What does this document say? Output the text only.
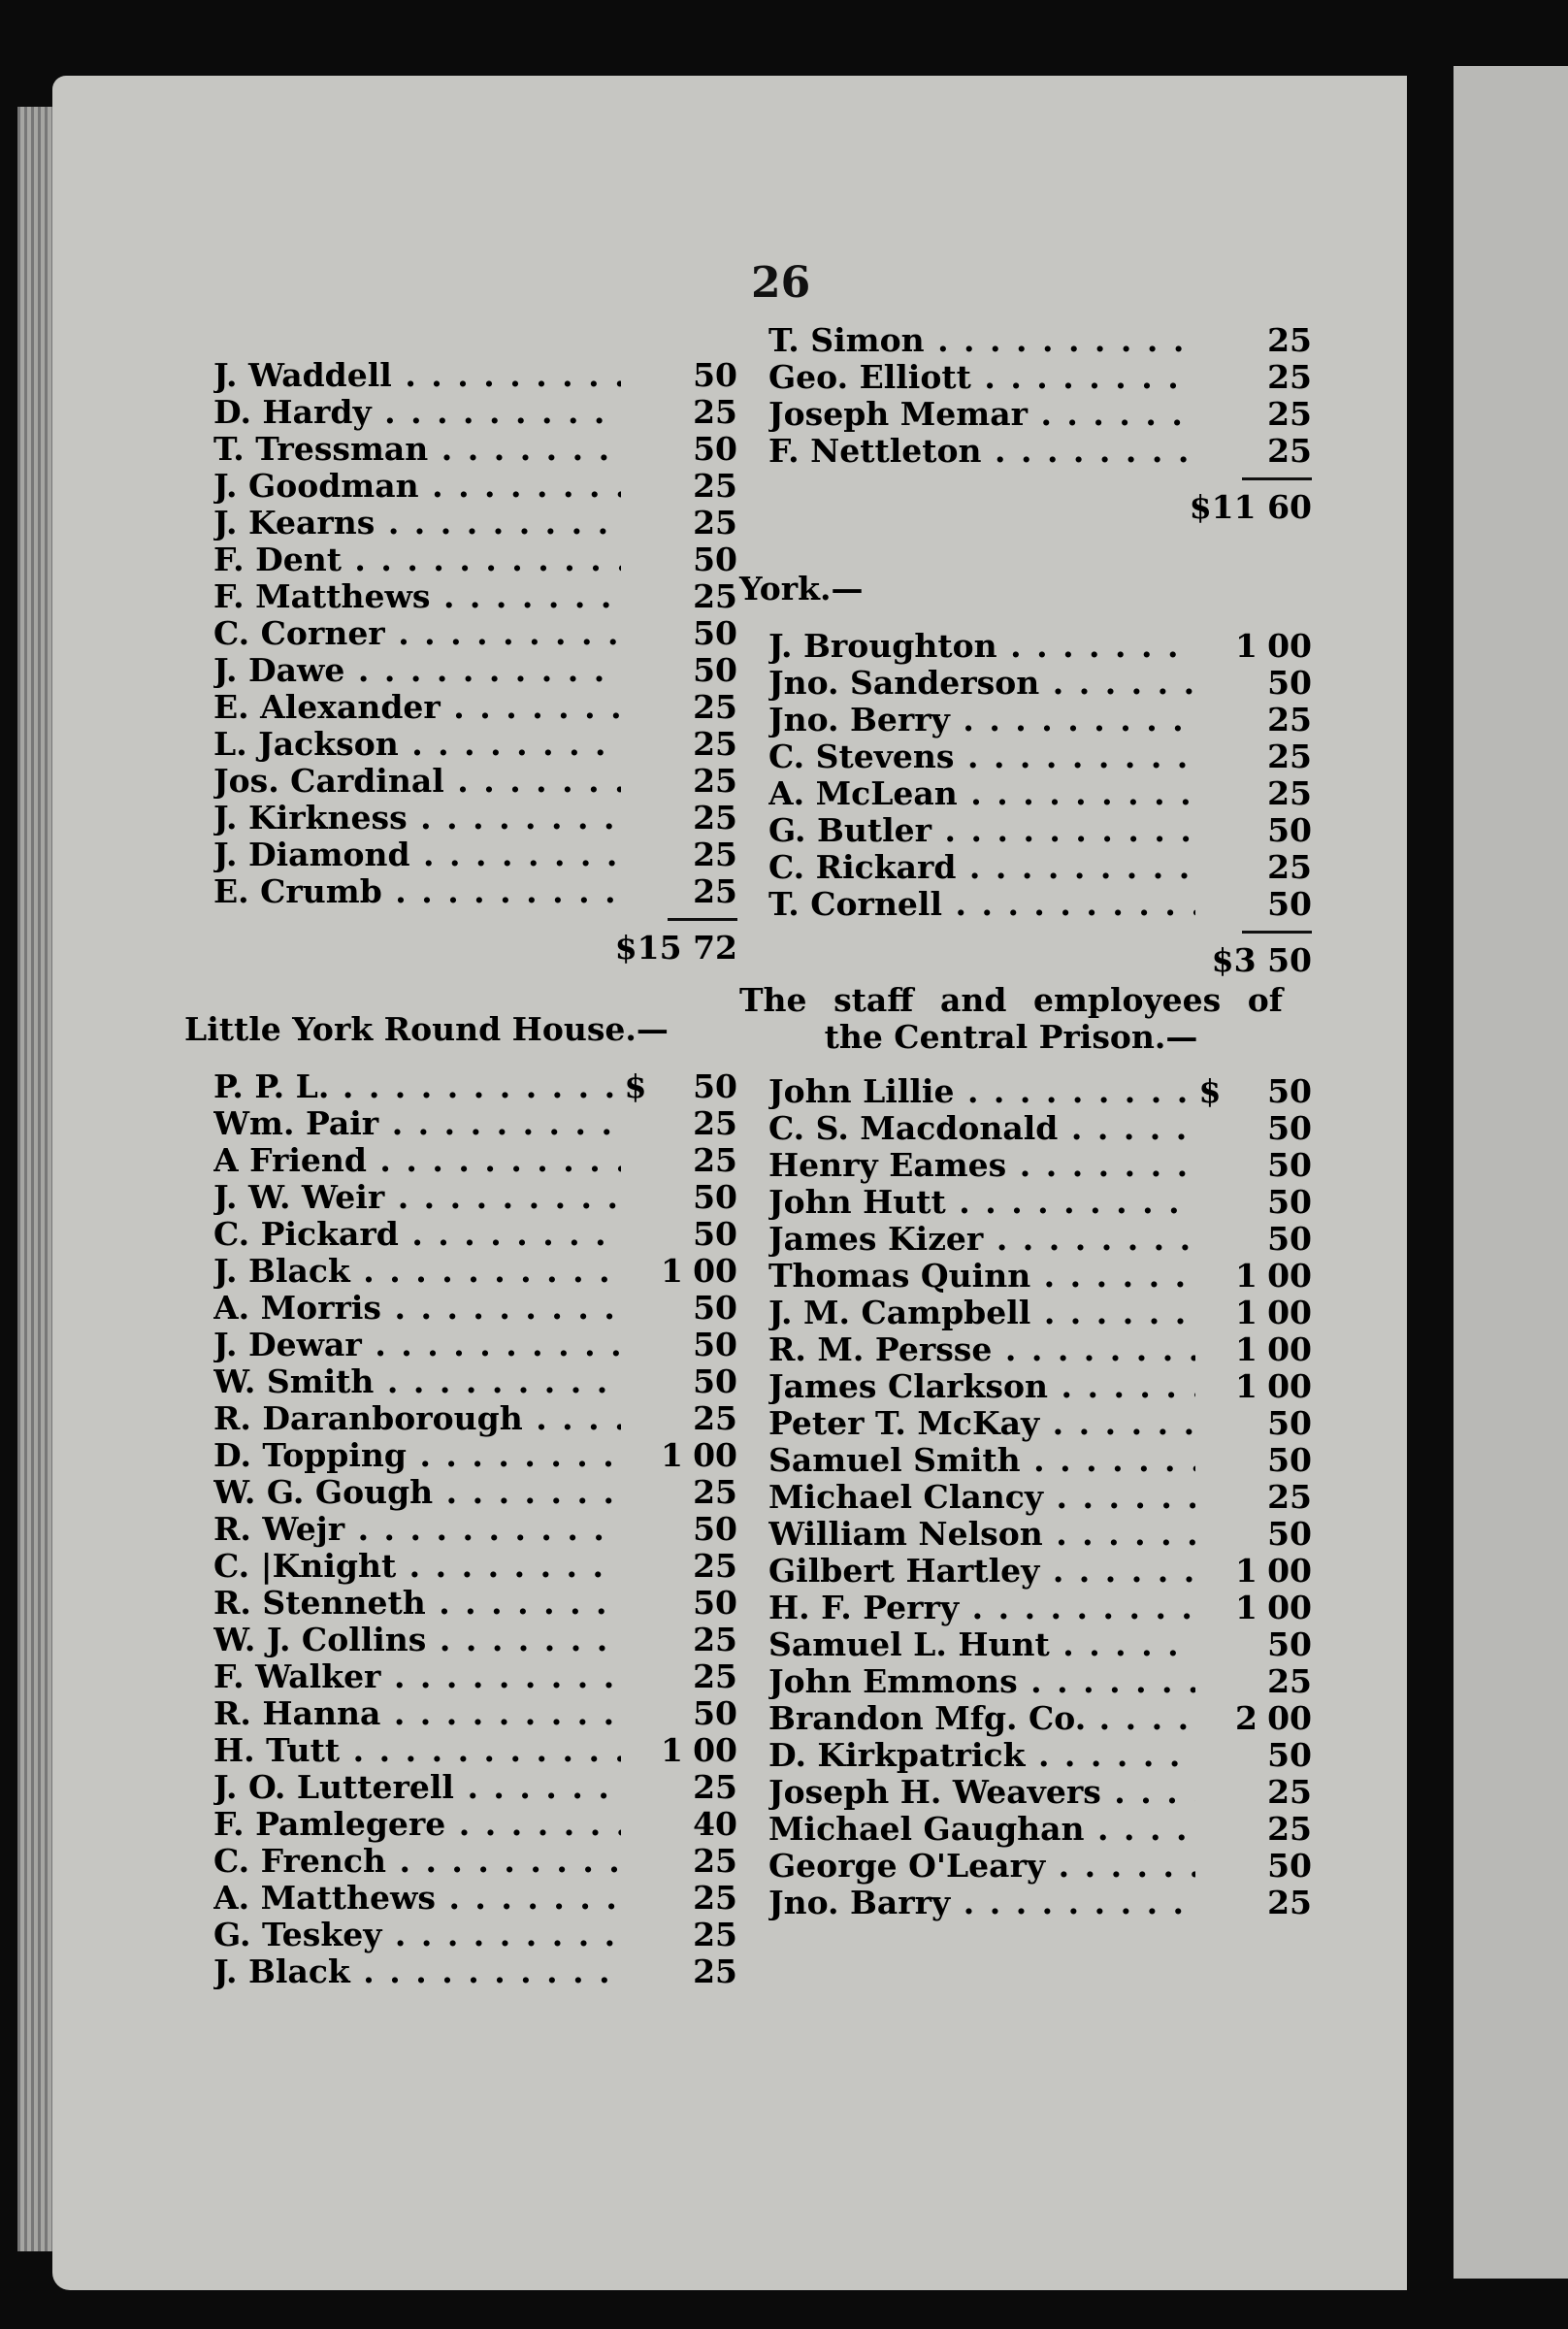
26
J. Waddell . . .	50
D. Hardy . . .	25
T. Tressman . . .	50
J. Goodman . . .	25
J. Kearns . . .	25
F. Dent . . .	50
F. Matthews . . .	25
C. Corner . . .	50
J. Dawe . . .	50
E. Alexander . . .	25
L. Jackson . . .	25
Jos. Cardinal . . .	25
J. Kirkness . . .	25
J. Diamond . . .	25
E. Crumb . . .	25
$15 72
Little York Round House.—
P. P. L. . . .	$	50
Wm. Pair . . .	25
A Friend . . .	25
J. W. Weir . . .	50
C. Pickard . . .	50
J. Black . . .	1 00
A. Morris . . .	50
J. Dewar . . .	50
W. Smith . . .	50
R. Daranborough . . .	25
D. Topping . . .	1 00
W. G. Gough . . .	25
R. Wejr . . .	50
C. |Knight . . .	25
R. Stenneth . . .	50
W. J. Collins . . .	25
F. Walker . . .	25
R. Hanna . . .	50
H. Tutt . . .	1 00
J. O. Lutterell . . .	25
F. Pamlegere . . .	40
C. French . . .	25
A. Matthews . . .	25
G. Teskey . . .	25
J. Black . . .	25
T. Simon . . .	25
Geo. Elliott . . .	25
Joseph Memar . . .	25
F. Nettleton . . .	25
$11 60
York.—
J. Broughton . . .	1 00
Jno. Sanderson . . .	50
Jno. Berry . . .	25
C. Stevens . . .	25
A. McLean . . .	25
G. Butler . . .	50
C. Rickard . . .	25
T. Cornell . . .	50
$3 50
The staff and employees of the Central Prison.—
John Lillie . . .	$	50
C. S. Macdonald . . .	50
Henry Eames . . .	50
John Hutt . . .	50
James Kizer . . .	50
Thomas Quinn . . .	1 00
J. M. Campbell . . .	1 00
R. M. Persse . . .	1 00
James Clarkson . . .	1 00
Peter T. McKay . . .	50
Samuel Smith . . .	50
Michael Clancy . . .	25
William Nelson . . .	50
Gilbert Hartley . . .	1 00
H. F. Perry . . .	1 00
Samuel L. Hunt . . .	50
John Emmons . . .	25
Brandon Mfg. Co. . . .	2 00
D. Kirkpatrick . . .	50
Joseph H. Weavers . . .	25
Michael Gaughan . . .	25
George O'Leary . . .	50
Jno. Barry . . .	25
